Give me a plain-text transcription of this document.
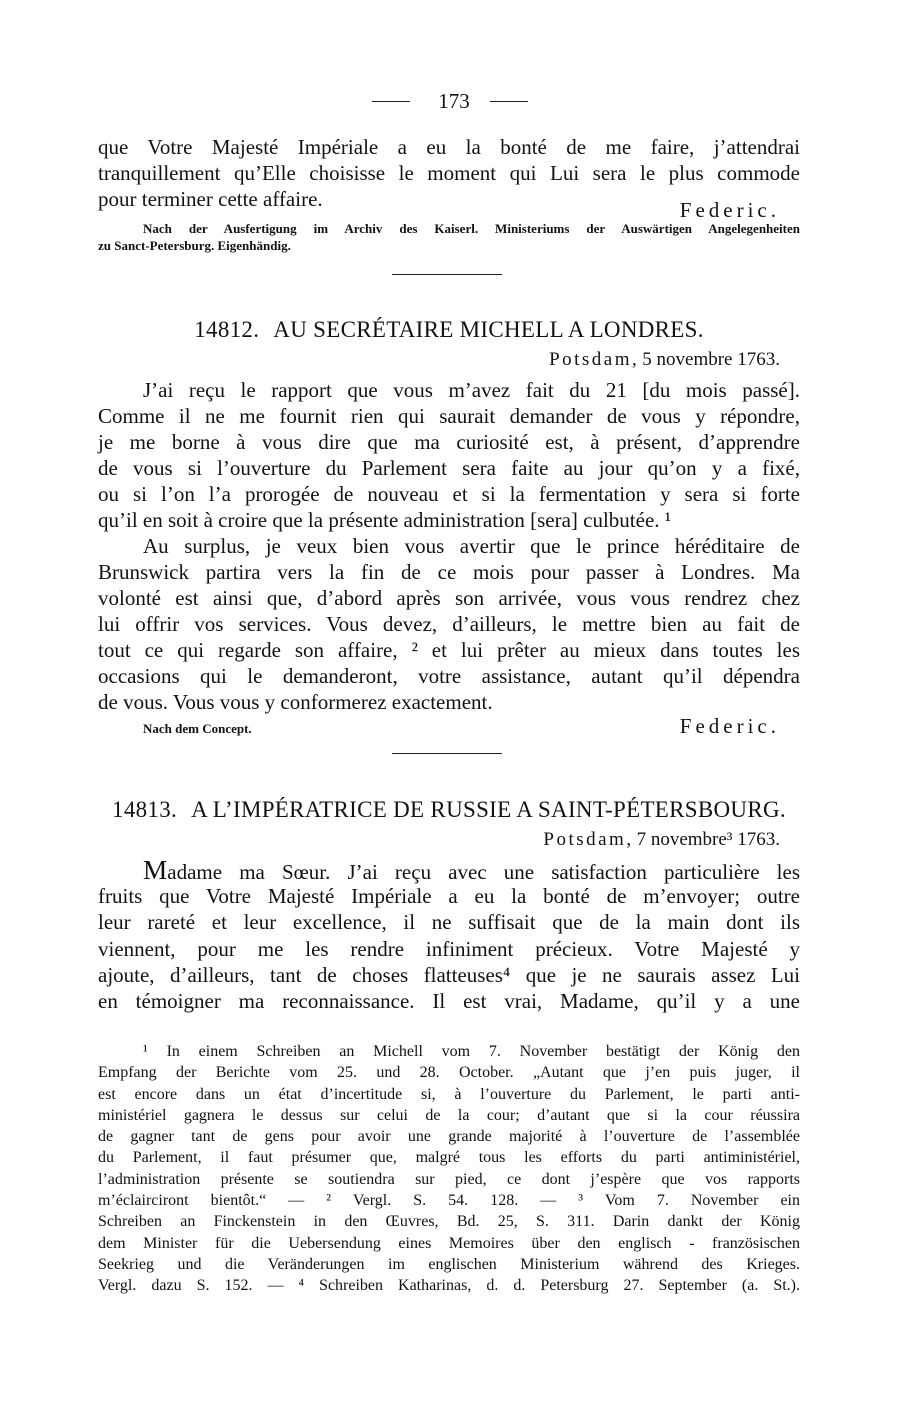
173
que Votre Majesté Impériale a eu la bonté de me faire, j’attendrai
tranquillement qu’Elle choisisse le moment qui Lui sera le plus commode
pour terminer cette affaire.	Federic.
Nach der Ausfertigung im Archiv des Kaiserl. Ministeriums der Auswärtigen Angelegenheiten
zu Sanct-Petersburg. Eigenhändig.
14812. AU SECRÉTAIRE MICHELL A LONDRES.
Potsdam, 5 novembre 1763.
J’ai reçu le rapport que vous m’avez fait du 21 [du mois passé].
Comme il ne me fournit rien qui saurait demander de vous y répondre,
je me borne à vous dire que ma curiosité est, à présent, d’apprendre
de vous si l’ouverture du Parlement sera faite au jour qu’on y a fixé,
ou si l’on l’a prorogée de nouveau et si la fermentation y sera si forte
qu’il en soit à croire que la présente administration [sera] culbutée. ¹
Au surplus, je veux bien vous avertir que le prince héréditaire de
Brunswick partira vers la fin de ce mois pour passer à Londres. Ma
volonté est ainsi que, d’abord après son arrivée, vous vous rendrez chez
lui offrir vos services. Vous devez, d’ailleurs, le mettre bien au fait de
tout ce qui regarde son affaire, ² et lui prêter au mieux dans toutes les
occasions qui le demanderont, votre assistance, autant qu’il dépendra
de vous. Vous vous y conformerez exactement.
Nach dem Concept.	Federic.
14813. A L’IMPÉRATRICE DE RUSSIE A SAINT-PÉTERSBOURG.
Potsdam, 7 novembre³ 1763.
Madame ma Sœur. J’ai reçu avec une satisfaction particulière les
fruits que Votre Majesté Impériale a eu la bonté de m’envoyer; outre
leur rareté et leur excellence, il ne suffisait que de la main dont ils
viennent, pour me les rendre infiniment précieux. Votre Majesté y
ajoute, d’ailleurs, tant de choses flatteuses⁴ que je ne saurais assez Lui
en témoigner ma reconnaissance. Il est vrai, Madame, qu’il y a une
¹ In einem Schreiben an Michell vom 7. November bestätigt der König den
Empfang der Berichte vom 25. und 28. October. „Autant que j’en puis juger, il
est encore dans un état d’incertitude si, à l’ouverture du Parlement, le parti anti-
ministériel gagnera le dessus sur celui de la cour; d’autant que si la cour réussira
de gagner tant de gens pour avoir une grande majorité à l’ouverture de l’assemblée
du Parlement, il faut présumer que, malgré tous les efforts du parti antiministériel,
l’administration présente se soutiendra sur pied, ce dont j’espère que vos rapports
m’éclairciront bientôt.“ — ² Vergl. S. 54. 128. — ³ Vom 7. November ein
Schreiben an Finckenstein in den Œuvres, Bd. 25, S. 311. Darin dankt der König
dem Minister für die Uebersendung eines Memoires über den englisch - französischen
Seekrieg und die Veränderungen im englischen Ministerium während des Krieges.
Vergl. dazu S. 152. — ⁴ Schreiben Katharinas, d. d. Petersburg 27. September (a. St.).
